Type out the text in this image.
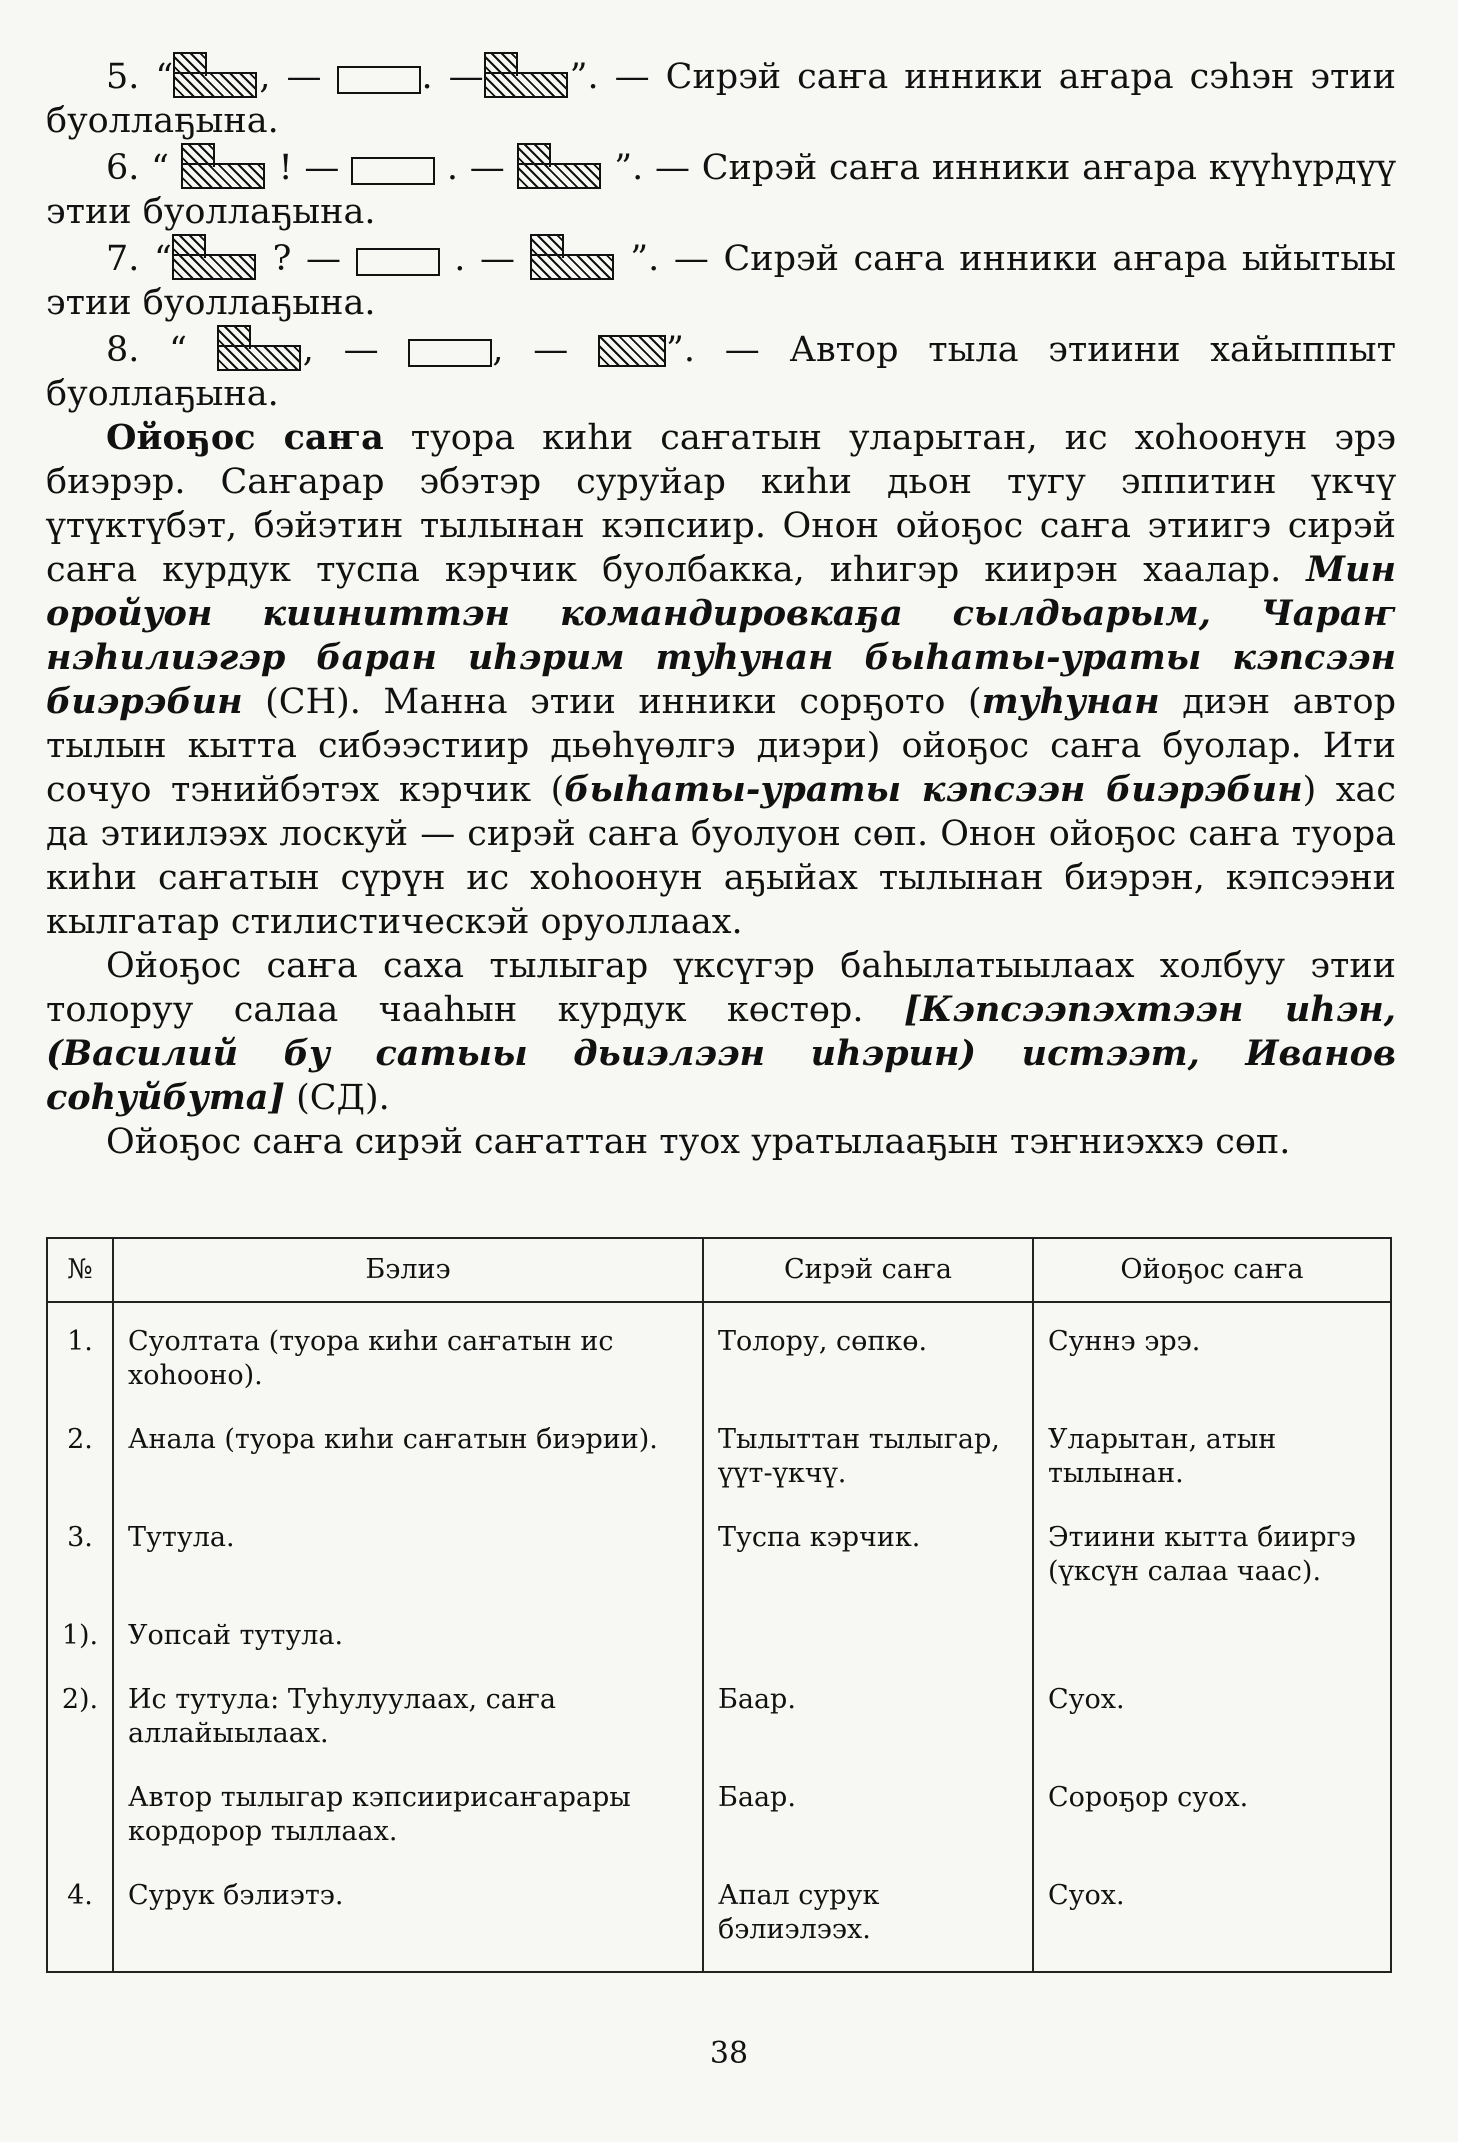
5. “ , —	. — ”. — Сирэй саҥа инники аҥара сэһэн этии буоллаҕына.

6. “	! —	. —	”. — Сирэй саҥа инники аҥара күүһүрдүү этии буоллаҕына.

7. “	? —	. —	”. — Сирэй саҥа инники аҥара ыйытыы этии буоллаҕына.

8. “	, —	, —	”. — Автор тыла этиини хайыппыт буоллаҕына.

Ойоҕос саҥа туора киһи саҥатын уларытан, ис хоһоонун эрэ биэрэр. Саҥарар эбэтэр суруйар киһи дьон тугу эппитин үкчү үтүктүбэт, бэйэтин тылынан кэпсиир. Онон ойоҕос саҥа этиигэ сирэй саҥа курдук туспа кэрчик буолбакка, иһигэр киирэн хаалар. Мин оройуон кииниттэн командировкаҕа сылдьарым, Чараҥ нэһилиэгэр баран иһэрим туһунан быһаты-ураты кэпсээн биэрэбин (СН). Манна этии инники сорҕото (туһунан диэн автор тылын кытта сибээстиир дьөһүөлгэ диэри) ойоҕос саҥа буолар. Ити сочуо тэнийбэтэх кэрчик (быһаты-ураты кэпсээн биэрэбин) хас да этиилээх лоскуй — сирэй саҥа буолуон сөп. Онон ойоҕос саҥа туора киһи саҥатын сүрүн ис хоһоонун аҕыйах тылынан биэрэн, кэпсээни кылгатар стилистическэй оруоллаах.

Ойоҕос саҥа саха тылыгар үксүгэр баһылатыылаах холбуу этии толоруу салаа чааһын курдук көстөр. [Кэпсээпэхтээн иһэн, (Василий бу сатыы дьиэлээн иһэрин) истээт, Иванов соһуйбута] (СД).

Ойоҕос саҥа сирэй саҥаттан туох уратылааҕын тэҥниэххэ сөп.

№	Бэлиэ	Сирэй саҥа	Ойоҕос саҥа
1.	Суолтата (туора киһи саҥатын ис хоһооно).	Толору, сөпкө.	Суннэ эрэ.
2.	Анала (туора киһи саҥатын биэрии).	Тылыттан тылыгар, үүт-үкчү.	Уларытан, атын тылынан.
3.	Тутула.	Туспа кэрчик.	Этиини кытта бииргэ (үксүн салаа чаас).
1).	Уопсай тутула.		
2).	Ис тутула: Туһулуулаах, саҥа аллайыылаах.	Баар.	Суох.
	Автор тылыгар кэпсиирисаҥарары кордорор тыллаах.	Баар.	Сороҕор суох.
4.	Сурук бэлиэтэ.	Апал сурук бэлиэлээх.	Суох.
38
